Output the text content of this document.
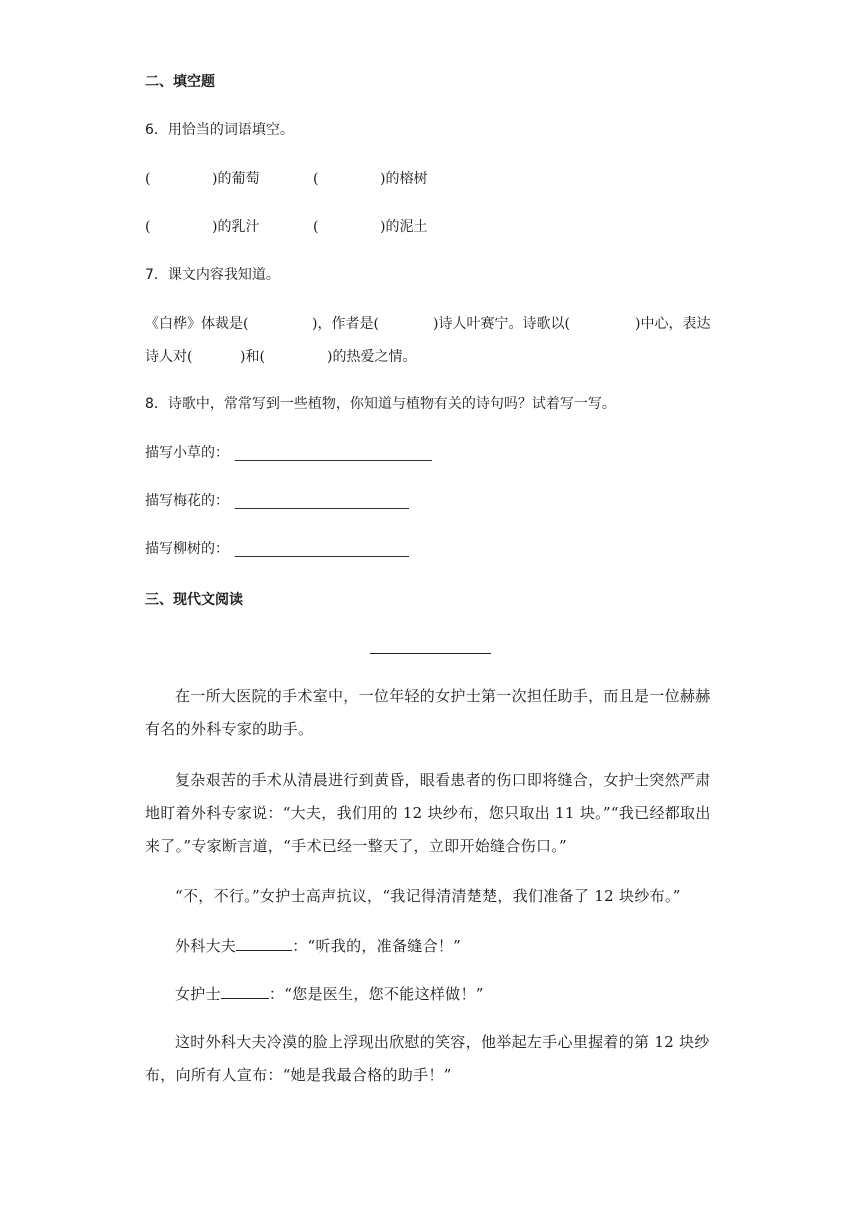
二、填空题
6．用恰当的词语填空。
(	)的葡萄	(	)的榕树
(	)的乳汁	(	)的泥土
7．课文内容我知道。
《白桦》体裁是(	)，作者是(	)诗人叶赛宁。诗歌以(	)中心，表达
诗人对(	)和(	)的热爱之情。
8．诗歌中，常常写到一些植物，你知道与植物有关的诗句吗？试着写一写。
描写小草的：
描写梅花的：
描写柳树的：
三、现代文阅读
在一所大医院的手术室中，一位年轻的女护士第一次担任助手，而且是一位赫赫有名的外科专家的助手。
复杂艰苦的手术从清晨进行到黄昏，眼看患者的伤口即将缝合，女护士突然严肃地盯着外科专家说：“大夫，我们用的 12 块纱布，您只取出 11 块。”“我已经都取出来了。”专家断言道，“手术已经一整天了，立即开始缝合伤口。”
“不，不行。”女护士高声抗议，“我记得清清楚楚，我们准备了 12 块纱布。”
外科大夫	：“听我的，准备缝合！”
女护士	：“您是医生，您不能这样做！”
这时外科大夫冷漠的脸上浮现出欣慰的笑容，他举起左手心里握着的第 12 块纱布，向所有人宣布：“她是我最合格的助手！”
